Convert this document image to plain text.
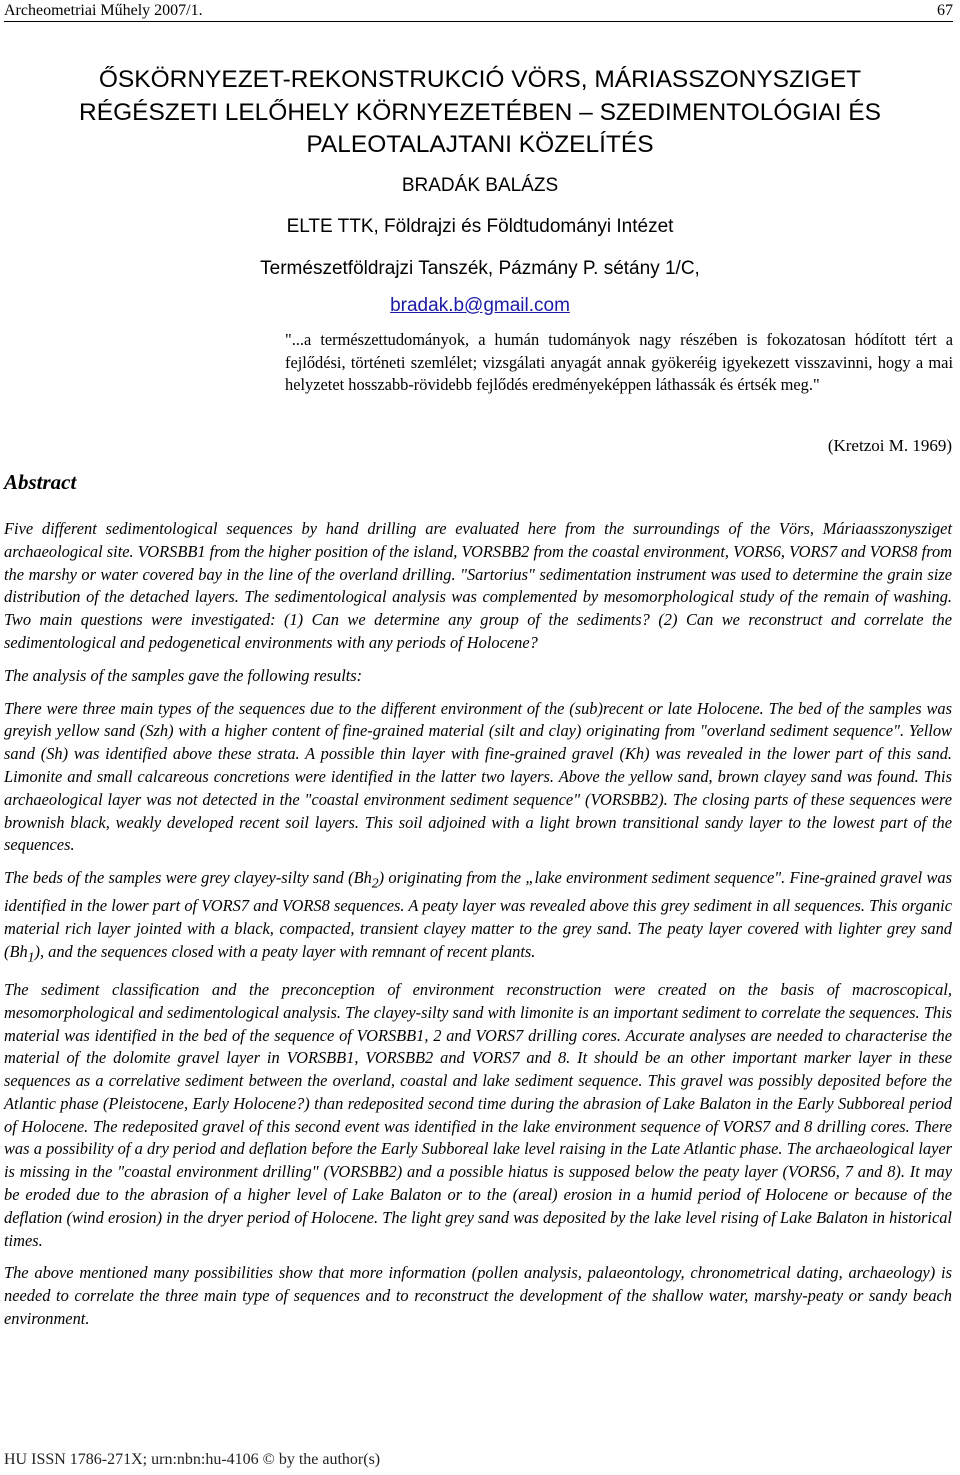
Archeometriai Műhely 2007/1.	67
ŐSKÖRNYEZET-REKONSTRUKCIÓ VÖRS, MÁRIASSZONYSZIGET
RÉGÉSZETI LELŐHELY KÖRNYEZETÉBEN – SZEDIMENTOLÓGIAI ÉS
PALEOTALAJTANI KÖZELÍTÉS
BRADÁK BALÁZS
ELTE TTK, Földrajzi és Földtudományi Intézet
Természetföldrajzi Tanszék, Pázmány P. sétány 1/C,
bradak.b@gmail.com
"...a természettudományok, a humán tudományok nagy részében is fokozatosan hódított tért a fejlődési, történeti szemlélet; vizsgálati anyagát annak gyökeréig igyekezett visszavinni, hogy a mai helyzetet hosszabb-rövidebb fejlődés eredményeképpen láthassák és értsék meg."
(Kretzoi M. 1969)
Abstract

Five different sedimentological sequences by hand drilling are evaluated here from the surroundings of the Vörs, Máriaasszonysziget archaeological site. VORSBB1 from the higher position of the island, VORSBB2 from the coastal environment, VORS6, VORS7 and VORS8 from the marshy or water covered bay in the line of the overland drilling. "Sartorius" sedimentation instrument was used to determine the grain size distribution of the detached layers. The sedimentological analysis was complemented by mesomorphological study of the remain of washing. Two main questions were investigated: (1) Can we determine any group of the sediments? (2) Can we reconstruct and correlate the sedimentological and pedogenetical environments with any periods of Holocene?

The analysis of the samples gave the following results:

There were three main types of the sequences due to the different environment of the (sub)recent or late Holocene. The bed of the samples was greyish yellow sand (Szh) with a higher content of fine-grained material (silt and clay) originating from "overland sediment sequence". Yellow sand (Sh) was identified above these strata. A possible thin layer with fine-grained gravel (Kh) was revealed in the lower part of this sand. Limonite and small calcareous concretions were identified in the latter two layers. Above the yellow sand, brown clayey sand was found. This archaeological layer was not detected in the "coastal environment sediment sequence" (VORSBB2). The closing parts of these sequences were brownish black, weakly developed recent soil layers. This soil adjoined with a light brown transitional sandy layer to the lowest part of the sequences.

The beds of the samples were grey clayey-silty sand $(Bh_2)$ originating from the „lake environment sediment sequence". Fine-grained gravel was identified in the lower part of VORS7 and VORS8 sequences. A peaty layer was revealed above this grey sediment in all sequences. This organic material rich layer jointed with a black, compacted, transient clayey matter to the grey sand. The peaty layer covered with lighter grey sand $(Bh_1)$, and the sequences closed with a peaty layer with remnant of recent plants.

The sediment classification and the preconception of environment reconstruction were created on the basis of macroscopical, mesomorphological and sedimentological analysis. The clayey-silty sand with limonite is an important sediment to correlate the sequences. This material was identified in the bed of the sequence of VORSBB1, 2 and VORS7 drilling cores. Accurate analyses are needed to characterise the material of the dolomite gravel layer in VORSBB1, VORSBB2 and VORS7 and 8. It should be an other important marker layer in these sequences as a correlative sediment between the overland, coastal and lake sediment sequence. This gravel was possibly deposited before the Atlantic phase (Pleistocene, Early Holocene?) than redeposited second time during the abrasion of Lake Balaton in the Early Subboreal period of Holocene. The redeposited gravel of this second event was identified in the lake environment sequence of VORS7 and 8 drilling cores. There was a possibility of a dry period and deflation before the Early Subboreal lake level raising in the Late Atlantic phase. The archaeological layer is missing in the "coastal environment drilling" (VORSBB2) and a possible hiatus is supposed below the peaty layer (VORS6, 7 and 8). It may be eroded due to the abrasion of a higher level of Lake Balaton or to the (areal) erosion in a humid period of Holocene or because of the deflation (wind erosion) in the dryer period of Holocene. The light grey sand was deposited by the lake level rising of Lake Balaton in historical times.

The above mentioned many possibilities show that more information (pollen analysis, palaeontology, chronometrical dating, archaeology) is needed to correlate the three main type of sequences and to reconstruct the development of the shallow water, marshy-peaty or sandy beach environment.

HU ISSN 1786-271X; urn:nbn:hu-4106 © by the author(s)
